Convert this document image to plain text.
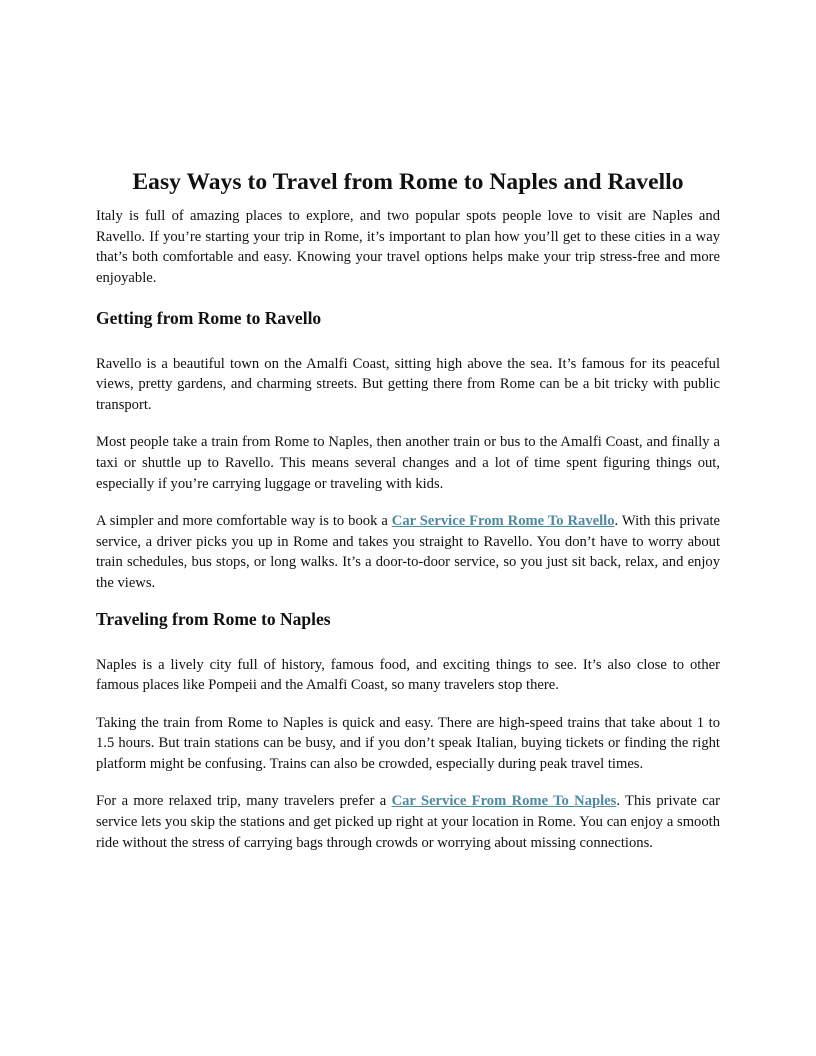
Easy Ways to Travel from Rome to Naples and Ravello

Italy is full of amazing places to explore, and two popular spots people love to visit are Naples and Ravello. If you’re starting your trip in Rome, it’s important to plan how you’ll get to these cities in a way that’s both comfortable and easy. Knowing your travel options helps make your trip stress-free and more enjoyable.

Getting from Rome to Ravello

Ravello is a beautiful town on the Amalfi Coast, sitting high above the sea. It’s famous for its peaceful views, pretty gardens, and charming streets. But getting there from Rome can be a bit tricky with public transport.

Most people take a train from Rome to Naples, then another train or bus to the Amalfi Coast, and finally a taxi or shuttle up to Ravello. This means several changes and a lot of time spent figuring things out, especially if you’re carrying luggage or traveling with kids.

A simpler and more comfortable way is to book a Car Service From Rome To Ravello. With this private service, a driver picks you up in Rome and takes you straight to Ravello. You don’t have to worry about train schedules, bus stops, or long walks. It’s a door-to-door service, so you just sit back, relax, and enjoy the views.

Traveling from Rome to Naples

Naples is a lively city full of history, famous food, and exciting things to see. It’s also close to other famous places like Pompeii and the Amalfi Coast, so many travelers stop there.

Taking the train from Rome to Naples is quick and easy. There are high-speed trains that take about 1 to 1.5 hours. But train stations can be busy, and if you don’t speak Italian, buying tickets or finding the right platform might be confusing. Trains can also be crowded, especially during peak travel times.

For a more relaxed trip, many travelers prefer a Car Service From Rome To Naples. This private car service lets you skip the stations and get picked up right at your location in Rome. You can enjoy a smooth ride without the stress of carrying bags through crowds or worrying about missing connections.
